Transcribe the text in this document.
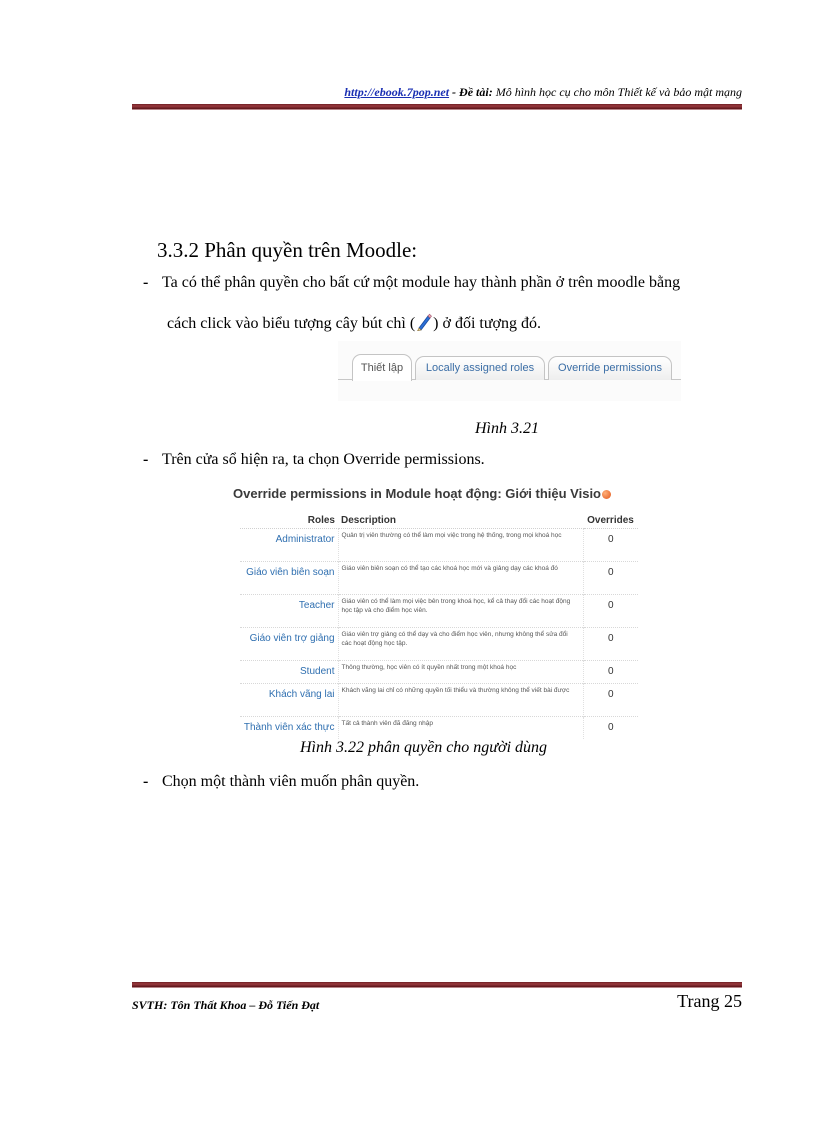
http://ebook.7pop.net - Đề tài: Mô hình học cụ cho môn Thiết kế và bảo mật mạng
3.3.2 Phân quyền trên Moodle:
- Ta có thể phân quyền cho bất cứ một module hay thành phần ở trên moodle bằng
cách click vào biểu tượng cây bút chì ( ) ở đối tượng đó.
Thiết lập	Locally assigned roles	Override permissions
Hình 3.21
- Trên cửa sổ hiện ra, ta chọn Override permissions.
Override permissions in Module hoạt động: Giới thiệu Visio
Roles	Description	Overrides
Administrator	Quản trị viên thường có thể làm mọi việc trong hệ thống, trong mọi khoá học	0
Giáo viên biên soạn	Giáo viên biên soạn có thể tạo các khoá học mới và giảng dạy các khoá đó	0
Teacher	Giáo viên có thể làm mọi việc bên trong khoá học, kể cả thay đổi các hoạt động học tập và cho điểm học viên.	0
Giáo viên trợ giảng	Giáo viên trợ giảng có thể dạy và cho điểm học viên, nhưng không thể sửa đổi các hoạt động học tập.	0
Student	Thông thường, học viên có ít quyền nhất trong một khoá học	0
Khách vãng lai	Khách vãng lai chỉ có những quyền tối thiểu và thường không thể viết bài được	0
Thành viên xác thực	Tất cả thành viên đã đăng nhập	0
Hình 3.22 phân quyền cho người dùng
- Chọn một thành viên muốn phân quyền.
SVTH: Tôn Thất Khoa – Đỗ Tiến Đạt	Trang 25
